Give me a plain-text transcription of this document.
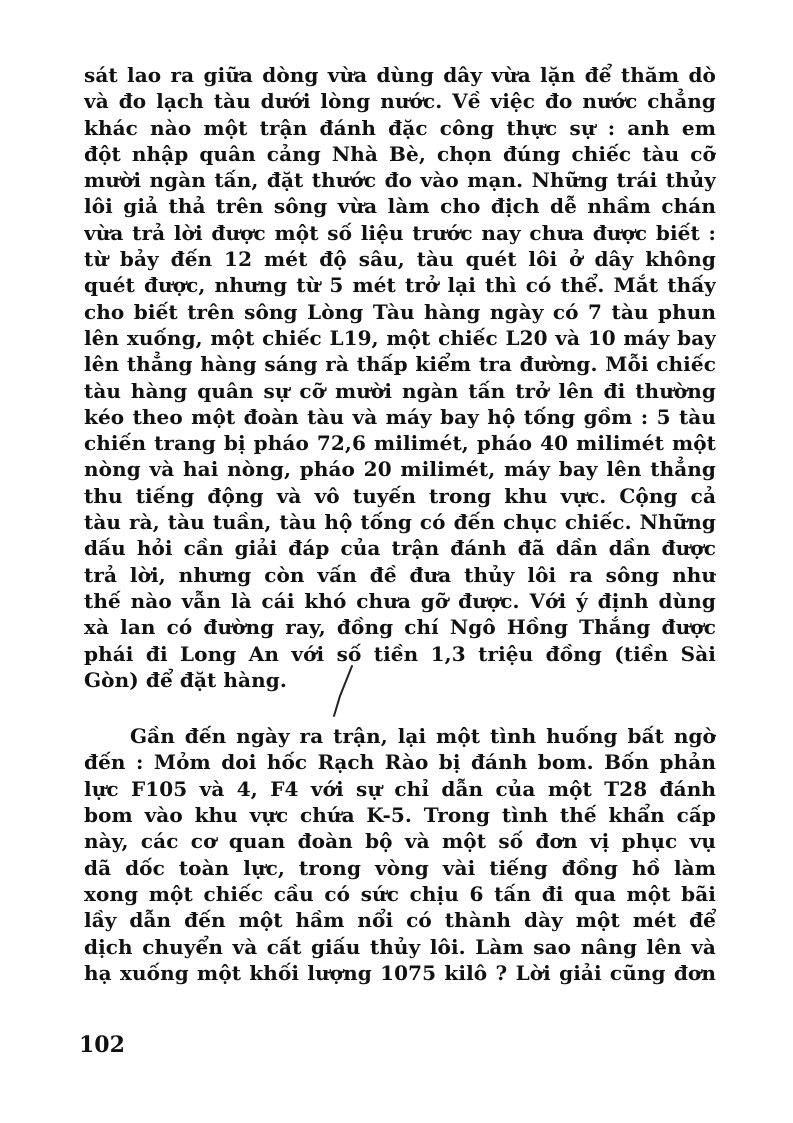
sát lao ra giữa dòng vừa dùng dây vừa lặn để thăm dò
và đo lạch tàu dưới lòng nước. Về việc đo nước chẳng
khác nào một trận đánh đặc công thực sự : anh em
đột nhập quân cảng Nhà Bè, chọn đúng chiếc tàu cỡ
mười ngàn tấn, đặt thước đo vào mạn. Những trái thủy
lôi giả thả trên sông vừa làm cho địch dễ nhầm chán
vừa trả lời được một số liệu trước nay chưa được biết :
từ bảy đến 12 mét độ sâu, tàu quét lôi ở dây không
quét được, nhưng từ 5 mét trở lại thì có thể. Mắt thấy
cho biết trên sông Lòng Tàu hàng ngày có 7 tàu phun
lên xuống, một chiếc L19, một chiếc L20 và 10 máy bay
lên thẳng hàng sáng rà thấp kiểm tra đường. Mỗi chiếc
tàu hàng quân sự cỡ mười ngàn tấn trở lên đi thường
kéo theo một đoàn tàu và máy bay hộ tống gồm : 5 tàu
chiến trang bị pháo 72,6 milimét, pháo 40 milimét một
nòng và hai nòng, pháo 20 milimét, máy bay lên thẳng
thu tiếng động và vô tuyến trong khu vực. Cộng cả
tàu rà, tàu tuần, tàu hộ tống có đến chục chiếc. Những
dấu hỏi cần giải đáp của trận đánh đã dần dần được
trả lời, nhưng còn vấn đề đưa thủy lôi ra sông như
thế nào vẫn là cái khó chưa gỡ được. Với ý định dùng
xà lan có đường ray, đồng chí Ngô Hồng Thắng được
phái đi Long An với số tiền 1,3 triệu đồng (tiền Sài
Gòn) để đặt hàng.

Gần đến ngày ra trận, lại một tình huống bất ngờ
đến : Mỏm doi hốc Rạch Rào bị đánh bom. Bốn phản
lực F105 và 4, F4 với sự chỉ dẫn của một T28 đánh
bom vào khu vực chứa K-5. Trong tình thế khẩn cấp
này, các cơ quan đoàn bộ và một số đơn vị phục vụ
dã dốc toàn lực, trong vòng vài tiếng đồng hồ làm
xong một chiếc cầu có sức chịu 6 tấn đi qua một bãi
lầy dẫn đến một hầm nổi có thành dày một mét để
dịch chuyển và cất giấu thủy lôi. Làm sao nâng lên và
hạ xuống một khối lượng 1075 kilô ? Lời giải cũng đơn

102
